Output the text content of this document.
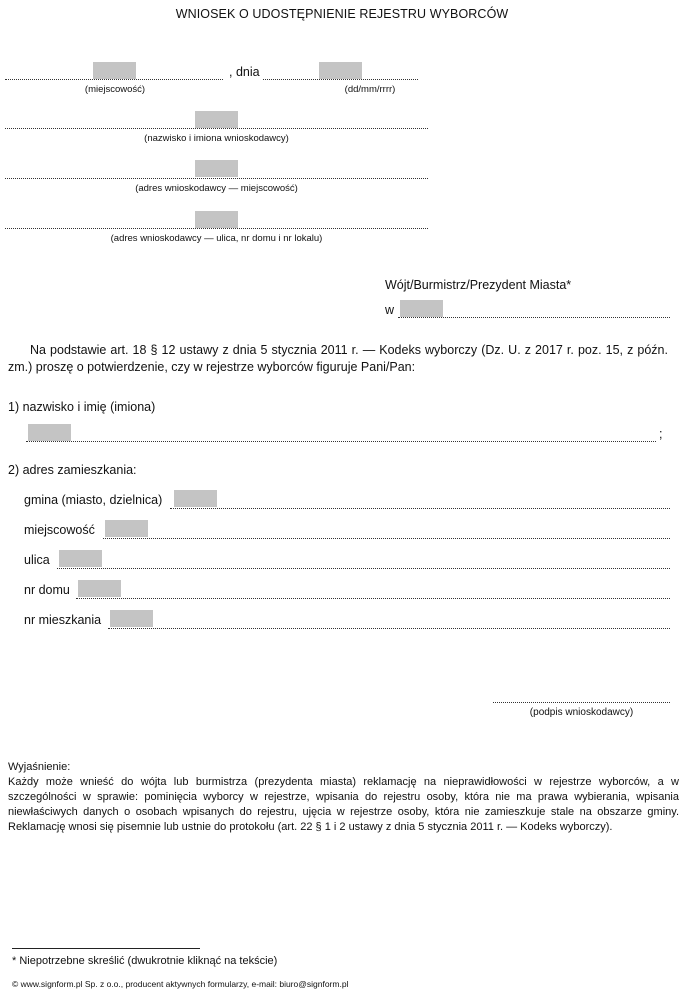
WNIOSEK O UDOSTĘPNIENIE REJESTRU WYBORCÓW
, dnia
(miejscowość)	(dd/mm/rrrr)
(nazwisko i imiona wnioskodawcy)
(adres wnioskodawcy — miejscowość)
(adres wnioskodawcy — ulica, nr domu i nr lokalu)
Wójt/Burmistrz/Prezydent Miasta*
w
Na podstawie art. 18 § 12 ustawy z dnia 5 stycznia 2011 r. — Kodeks wyborczy (Dz. U. z 2017 r. poz. 15, z późn. zm.) proszę o potwierdzenie, czy w rejestrze wyborców figuruje Pani/Pan:
1) nazwisko i imię (imiona)
;
2) adres zamieszkania:
gmina (miasto, dzielnica)
miejscowość
ulica
nr domu
nr mieszkania
(podpis wnioskodawcy)
Wyjaśnienie:
Każdy może wnieść do wójta lub burmistrza (prezydenta miasta) reklamację na nieprawidłowości w rejestrze wyborców, a w szczególności w sprawie: pominięcia wyborcy w rejestrze, wpisania do rejestru osoby, która nie ma prawa wybierania, wpisania niewłaściwych danych o osobach wpisanych do rejestru, ujęcia w rejestrze osoby, która nie zamieszkuje stale na obszarze gminy. Reklamację wnosi się pisemnie lub ustnie do protokołu (art. 22 § 1 i 2 ustawy z dnia 5 stycznia 2011 r. — Kodeks wyborczy).
* Niepotrzebne skreślić (dwukrotnie kliknąć na tekście)
© www.signform.pl Sp. z o.o., producent aktywnych formularzy, e-mail: biuro@signform.pl
